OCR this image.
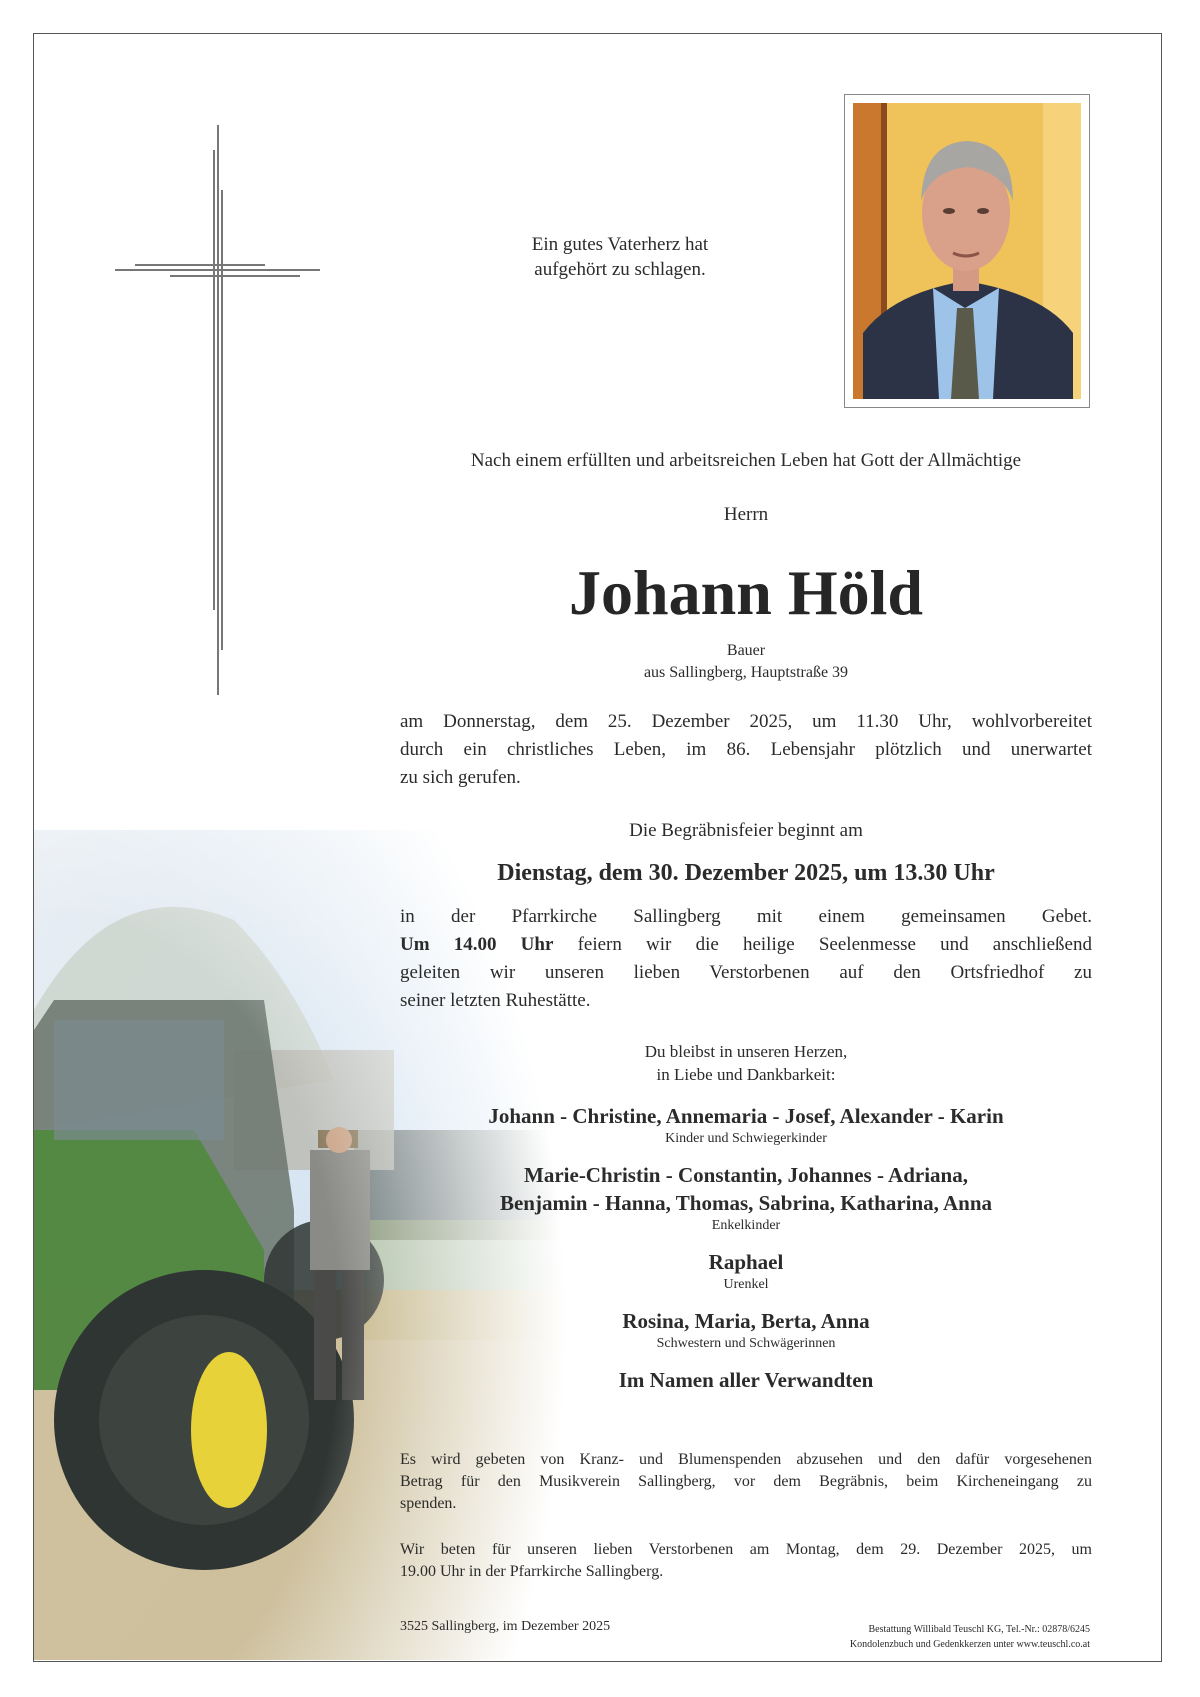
Ein gutes Vaterherz hat
aufgehört zu schlagen.
Nach einem erfüllten und arbeitsreichen Leben hat Gott der Allmächtige
Herrn
Johann Höld
Bauer
aus Sallingberg, Hauptstraße 39
am Donnerstag, dem 25. Dezember 2025, um 11.30 Uhr, wohlvorbereitet
durch ein christliches Leben, im 86. Lebensjahr plötzlich und unerwartet
zu sich gerufen.
Die Begräbnisfeier beginnt am
Dienstag, dem 30. Dezember 2025, um 13.30 Uhr
in der Pfarrkirche Sallingberg mit einem gemeinsamen Gebet.
Um 14.00 Uhr feiern wir die heilige Seelenmesse und anschließend
geleiten wir unseren lieben Verstorbenen auf den Ortsfriedhof zu
seiner letzten Ruhestätte.
Du bleibst in unseren Herzen,
in Liebe und Dankbarkeit:
Johann - Christine, Annemaria - Josef, Alexander - Karin
Kinder und Schwiegerkinder
Marie-Christin - Constantin, Johannes - Adriana,
Benjamin - Hanna, Thomas, Sabrina, Katharina, Anna
Enkelkinder
Raphael
Urenkel
Rosina, Maria, Berta, Anna
Schwestern und Schwägerinnen
Im Namen aller Verwandten
Es wird gebeten von Kranz- und Blumenspenden abzusehen und den dafür vorgesehenen
Betrag für den Musikverein Sallingberg, vor dem Begräbnis, beim Kircheneingang zu
spenden.
Wir beten für unseren lieben Verstorbenen am Montag, dem 29. Dezember 2025, um
19.00 Uhr in der Pfarrkirche Sallingberg.
3525 Sallingberg, im Dezember 2025	Bestattung Willibald Teuschl KG, Tel.-Nr.: 02878/6245
Kondolenzbuch und Gedenkkerzen unter www.teuschl.co.at
